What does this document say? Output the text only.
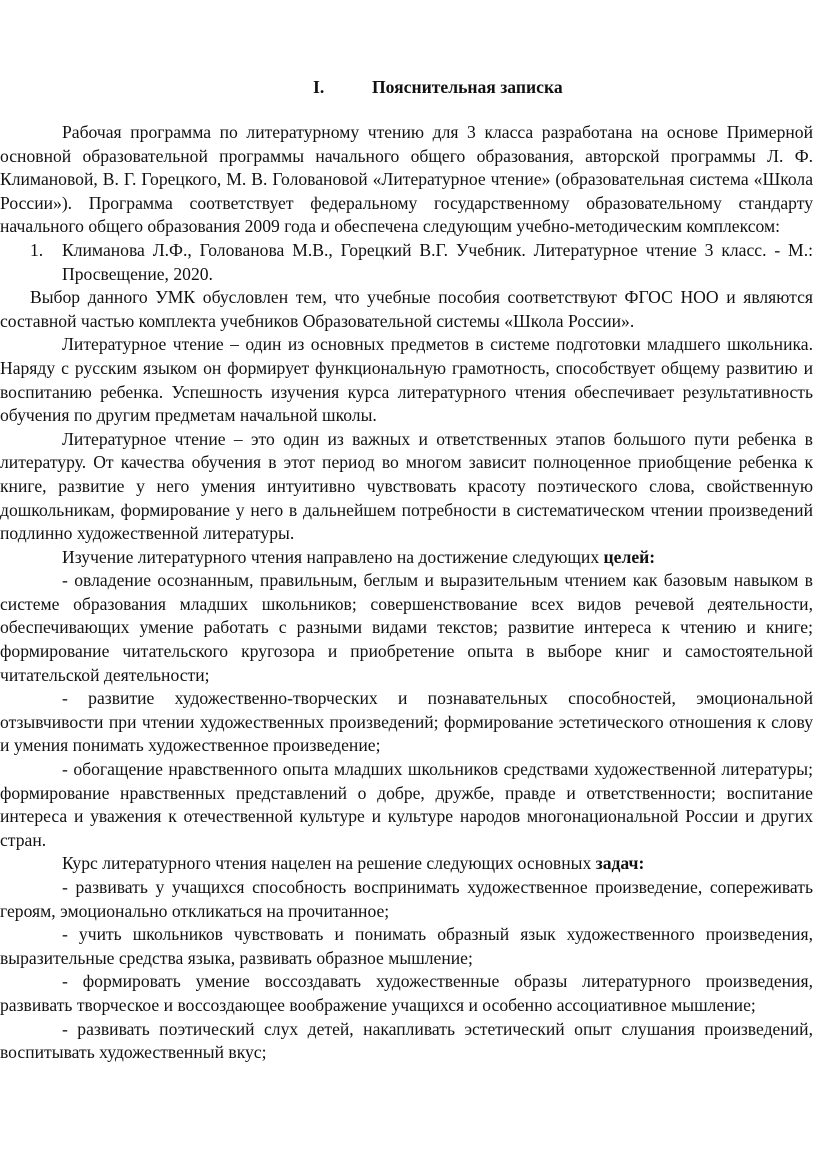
I.	Пояснительная записка

Рабочая программа по литературному чтению для 3 класса разработана на основе Примерной основной образовательной программы начального общего образования, авторской программы Л. Ф. Климановой, В. Г. Горецкого, М. В. Головановой «Литературное чтение» (образовательная система «Школа России»). Программа соответствует федеральному государственному образовательному стандарту начального общего образования 2009 года и обеспечена следующим учебно-методическим комплексом:

1. Климанова Л.Ф., Голованова М.В., Горецкий В.Г. Учебник. Литературное чтение 3 класс. - М.: Просвещение, 2020.

Выбор данного УМК обусловлен тем, что учебные пособия соответствуют ФГОС НОО и являются составной частью комплекта учебников Образовательной системы «Школа России».

Литературное чтение – один из основных предметов в системе подготовки младшего школьника. Наряду с русским языком он формирует функциональную грамотность, способствует общему развитию и воспитанию ребенка. Успешность изучения курса литературного чтения обеспечивает результативность обучения по другим предметам начальной школы.

Литературное чтение – это один из важных и ответственных этапов большого пути ребенка в литературу. От качества обучения в этот период во многом зависит полноценное приобщение ребенка к книге, развитие у него умения интуитивно чувствовать красоту поэтического слова, свойственную дошкольникам, формирование у него в дальнейшем потребности в систематическом чтении произведений подлинно художественной литературы.

Изучение литературного чтения направлено на достижение следующих целей:

- овладение осознанным, правильным, беглым и выразительным чтением как базовым навыком в системе образования младших школьников; совершенствование всех видов речевой деятельности, обеспечивающих умение работать с разными видами текстов; развитие интереса к чтению и книге; формирование читательского кругозора и приобретение опыта в выборе книг и самостоятельной читательской деятельности;

- развитие художественно-творческих и познавательных способностей, эмоциональной отзывчивости при чтении художественных произведений; формирование эстетического отношения к слову и умения понимать художественное произведение;

- обогащение нравственного опыта младших школьников средствами художественной литературы; формирование нравственных представлений о добре, дружбе, правде и ответственности; воспитание интереса и уважения к отечественной культуре и культуре народов многонациональной России и других стран.

Курс литературного чтения нацелен на решение следующих основных задач:

- развивать у учащихся способность воспринимать художественное произведение, сопереживать героям, эмоционально откликаться на прочитанное;

- учить школьников чувствовать и понимать образный язык художественного произведения, выразительные средства языка, развивать образное мышление;

- формировать умение воссоздавать художественные образы литературного произведения, развивать творческое и воссоздающее воображение учащихся и особенно ассоциативное мышление;

- развивать поэтический слух детей, накапливать эстетический опыт слушания произведений, воспитывать художественный вкус;
